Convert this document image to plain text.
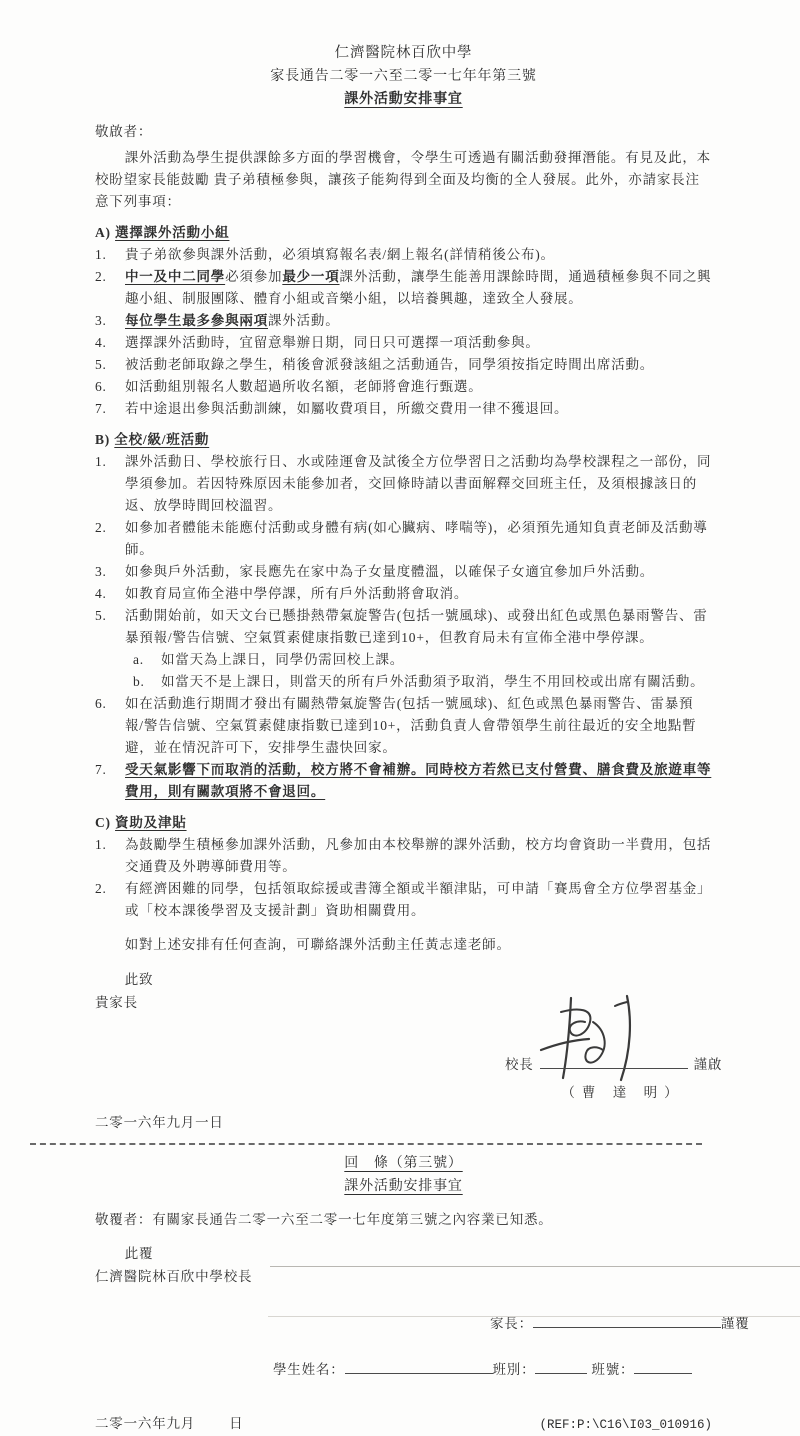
仁濟醫院林百欣中學
家長通告二零一六至二零一七年年第三號
課外活動安排事宜
敬啟者：
課外活動為學生提供課餘多方面的學習機會，令學生可透過有關活動發揮潛能。有見及此，本校盼望家長能鼓勵 貴子弟積極參與，讓孩子能夠得到全面及均衡的全人發展。此外，亦請家長注意下列事項：
A) 選擇課外活動小組
1.	貴子弟欲參與課外活動，必須填寫報名表/網上報名(詳情稍後公布)。
2.	中一及中二同學必須參加最少一項課外活動，讓學生能善用課餘時間，通過積極參與不同之興趣小組、制服團隊、體育小組或音樂小組，以培養興趣，達致全人發展。
3.	每位學生最多參與兩項課外活動。
4.	選擇課外活動時，宜留意舉辦日期，同日只可選擇一項活動參與。
5.	被活動老師取錄之學生，稍後會派發該組之活動通告，同學須按指定時間出席活動。
6.	如活動組別報名人數超過所收名額，老師將會進行甄選。
7.	若中途退出參與活動訓練，如屬收費項目，所繳交費用一律不獲退回。
B) 全校/級/班活動
1.	課外活動日、學校旅行日、水或陸運會及試後全方位學習日之活動均為學校課程之一部份，同學須參加。若因特殊原因未能參加者，交回條時請以書面解釋交回班主任，及須根據該日的返、放學時間回校溫習。
2.	如參加者體能未能應付活動或身體有病(如心臟病、哮喘等)，必須預先通知負責老師及活動導師。
3.	如參與戶外活動，家長應先在家中為子女量度體溫，以確保子女適宜參加戶外活動。
4.	如教育局宣佈全港中學停課，所有戶外活動將會取消。
5.	活動開始前，如天文台已懸掛熱帶氣旋警告(包括一號風球)、或發出紅色或黑色暴雨警告、雷暴預報/警告信號、空氣質素健康指數已達到10+，但教育局未有宣佈全港中學停課。
a.	如當天為上課日，同學仍需回校上課。
b.	如當天不是上課日，則當天的所有戶外活動須予取消，學生不用回校或出席有關活動。
6.	如在活動進行期間才發出有關熱帶氣旋警告(包括一號風球)、紅色或黑色暴雨警告、雷暴預報/警告信號、空氣質素健康指數已達到10+，活動負責人會帶領學生前往最近的安全地點暫避，並在情況許可下，安排學生盡快回家。
7.	受天氣影響下而取消的活動，校方將不會補辦。同時校方若然已支付營費、膳食費及旅遊車等費用，則有關款項將不會退回。
C) 資助及津貼
1.	為鼓勵學生積極參加課外活動，凡參加由本校舉辦的課外活動，校方均會資助一半費用，包括交通費及外聘導師費用等。
2.	有經濟困難的同學，包括領取綜援或書簿全額或半額津貼，可申請「賽馬會全方位學習基金」或「校本課後學習及支援計劃」資助相關費用。
如對上述安排有任何查詢，可聯絡課外活動主任黃志達老師。
此致
貴家長
校長	謹啟
（曹 達 明）
二零一六年九月一日
回　條（第三號）
課外活動安排事宜
敬覆者：有關家長通告二零一六至二零一七年度第三號之內容業已知悉。
此覆
仁濟醫院林百欣中學校長
家長：	謹覆
學生姓名：	班別：	班號：
二零一六年九月	日	(REF:P:\C16\I03_010916)
